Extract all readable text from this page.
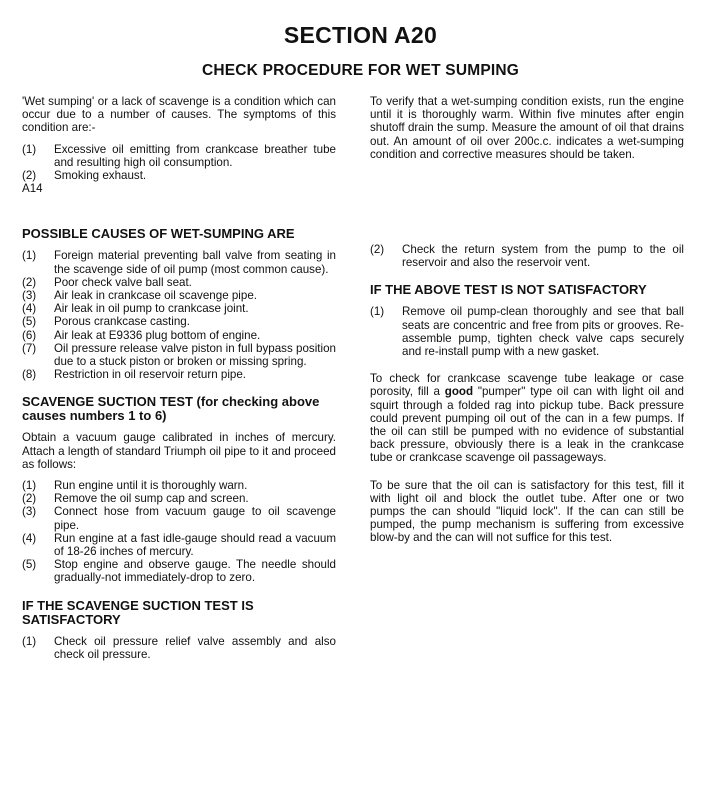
SECTION A20
CHECK PROCEDURE FOR WET SUMPING

'Wet sumping' or a lack of scavenge is a condition which can occur due to a number of causes. The symptoms of this condition are:-

(1)	Excessive oil emitting from crankcase breather tube and resulting high oil consumption.
(2)	Smoking exhaust.
A14
POSSIBLE CAUSES OF WET-SUMPING ARE
(1)	Foreign material preventing ball valve from seating in the scavenge side of oil pump (most common cause).
(2)	Poor check valve ball seat.
(3)	Air leak in crankcase oil scavenge pipe.
(4)	Air leak in oil pump to crankcase joint.
(5)	Porous crankcase casting.
(6)	Air leak at E9336 plug bottom of engine.
(7)	Oil pressure release valve piston in full bypass position due to a stuck piston or broken or missing spring.
(8)	Restriction in oil reservoir return pipe.
SCAVENGE SUCTION TEST (for checking above causes numbers 1 to 6)

Obtain a vacuum gauge calibrated in inches of mercury. Attach a length of standard Triumph oil pipe to it and proceed as follows:

(1)	Run engine until it is thoroughly warn.
(2)	Remove the oil sump cap and screen.
(3)	Connect hose from vacuum gauge to oil scavenge pipe.
(4)	Run engine at a fast idle-gauge should read a vacuum of 18-26 inches of mercury.
(5)	Stop engine and observe gauge. The needle should gradually-not immediately-drop to zero.
IF THE SCAVENGE SUCTION TEST IS SATISFACTORY
(1)	Check oil pressure relief valve assembly and also check oil pressure.

To verify that a wet-sumping condition exists, run the engine until it is thoroughly warm. Within five minutes after engin shutoff drain the sump. Measure the amount of oil that drains out. An amount of oil over 200c.c. indicates a wet-sumping condition and corrective measures should be taken.

(2)	Check the return system from the pump to the oil reservoir and also the reservoir vent.
IF THE ABOVE TEST IS NOT SATISFACTORY
(1)	Remove oil pump-clean thoroughly and see that ball seats are concentric and free from pits or grooves. Re-assemble pump, tighten check valve caps securely and re-install pump with a new gasket.
To check for crankcase scavenge tube leakage or case porosity, fill a good "pumper" type oil can with light oil and squirt through a folded rag into pickup tube. Back pressure could prevent pumping oil out of the can in a few pumps. If the oil can still be pumped with no evidence of substantial back pressure, obviously there is a leak in the crankcase tube or crankcase scavenge oil passageways.

To be sure that the oil can is satisfactory for this test, fill it with light oil and block the outlet tube. After one or two pumps the can should "liquid lock". If the can can still be pumped, the pump mechanism is suffering from excessive blow-by and the can will not suffice for this test.
